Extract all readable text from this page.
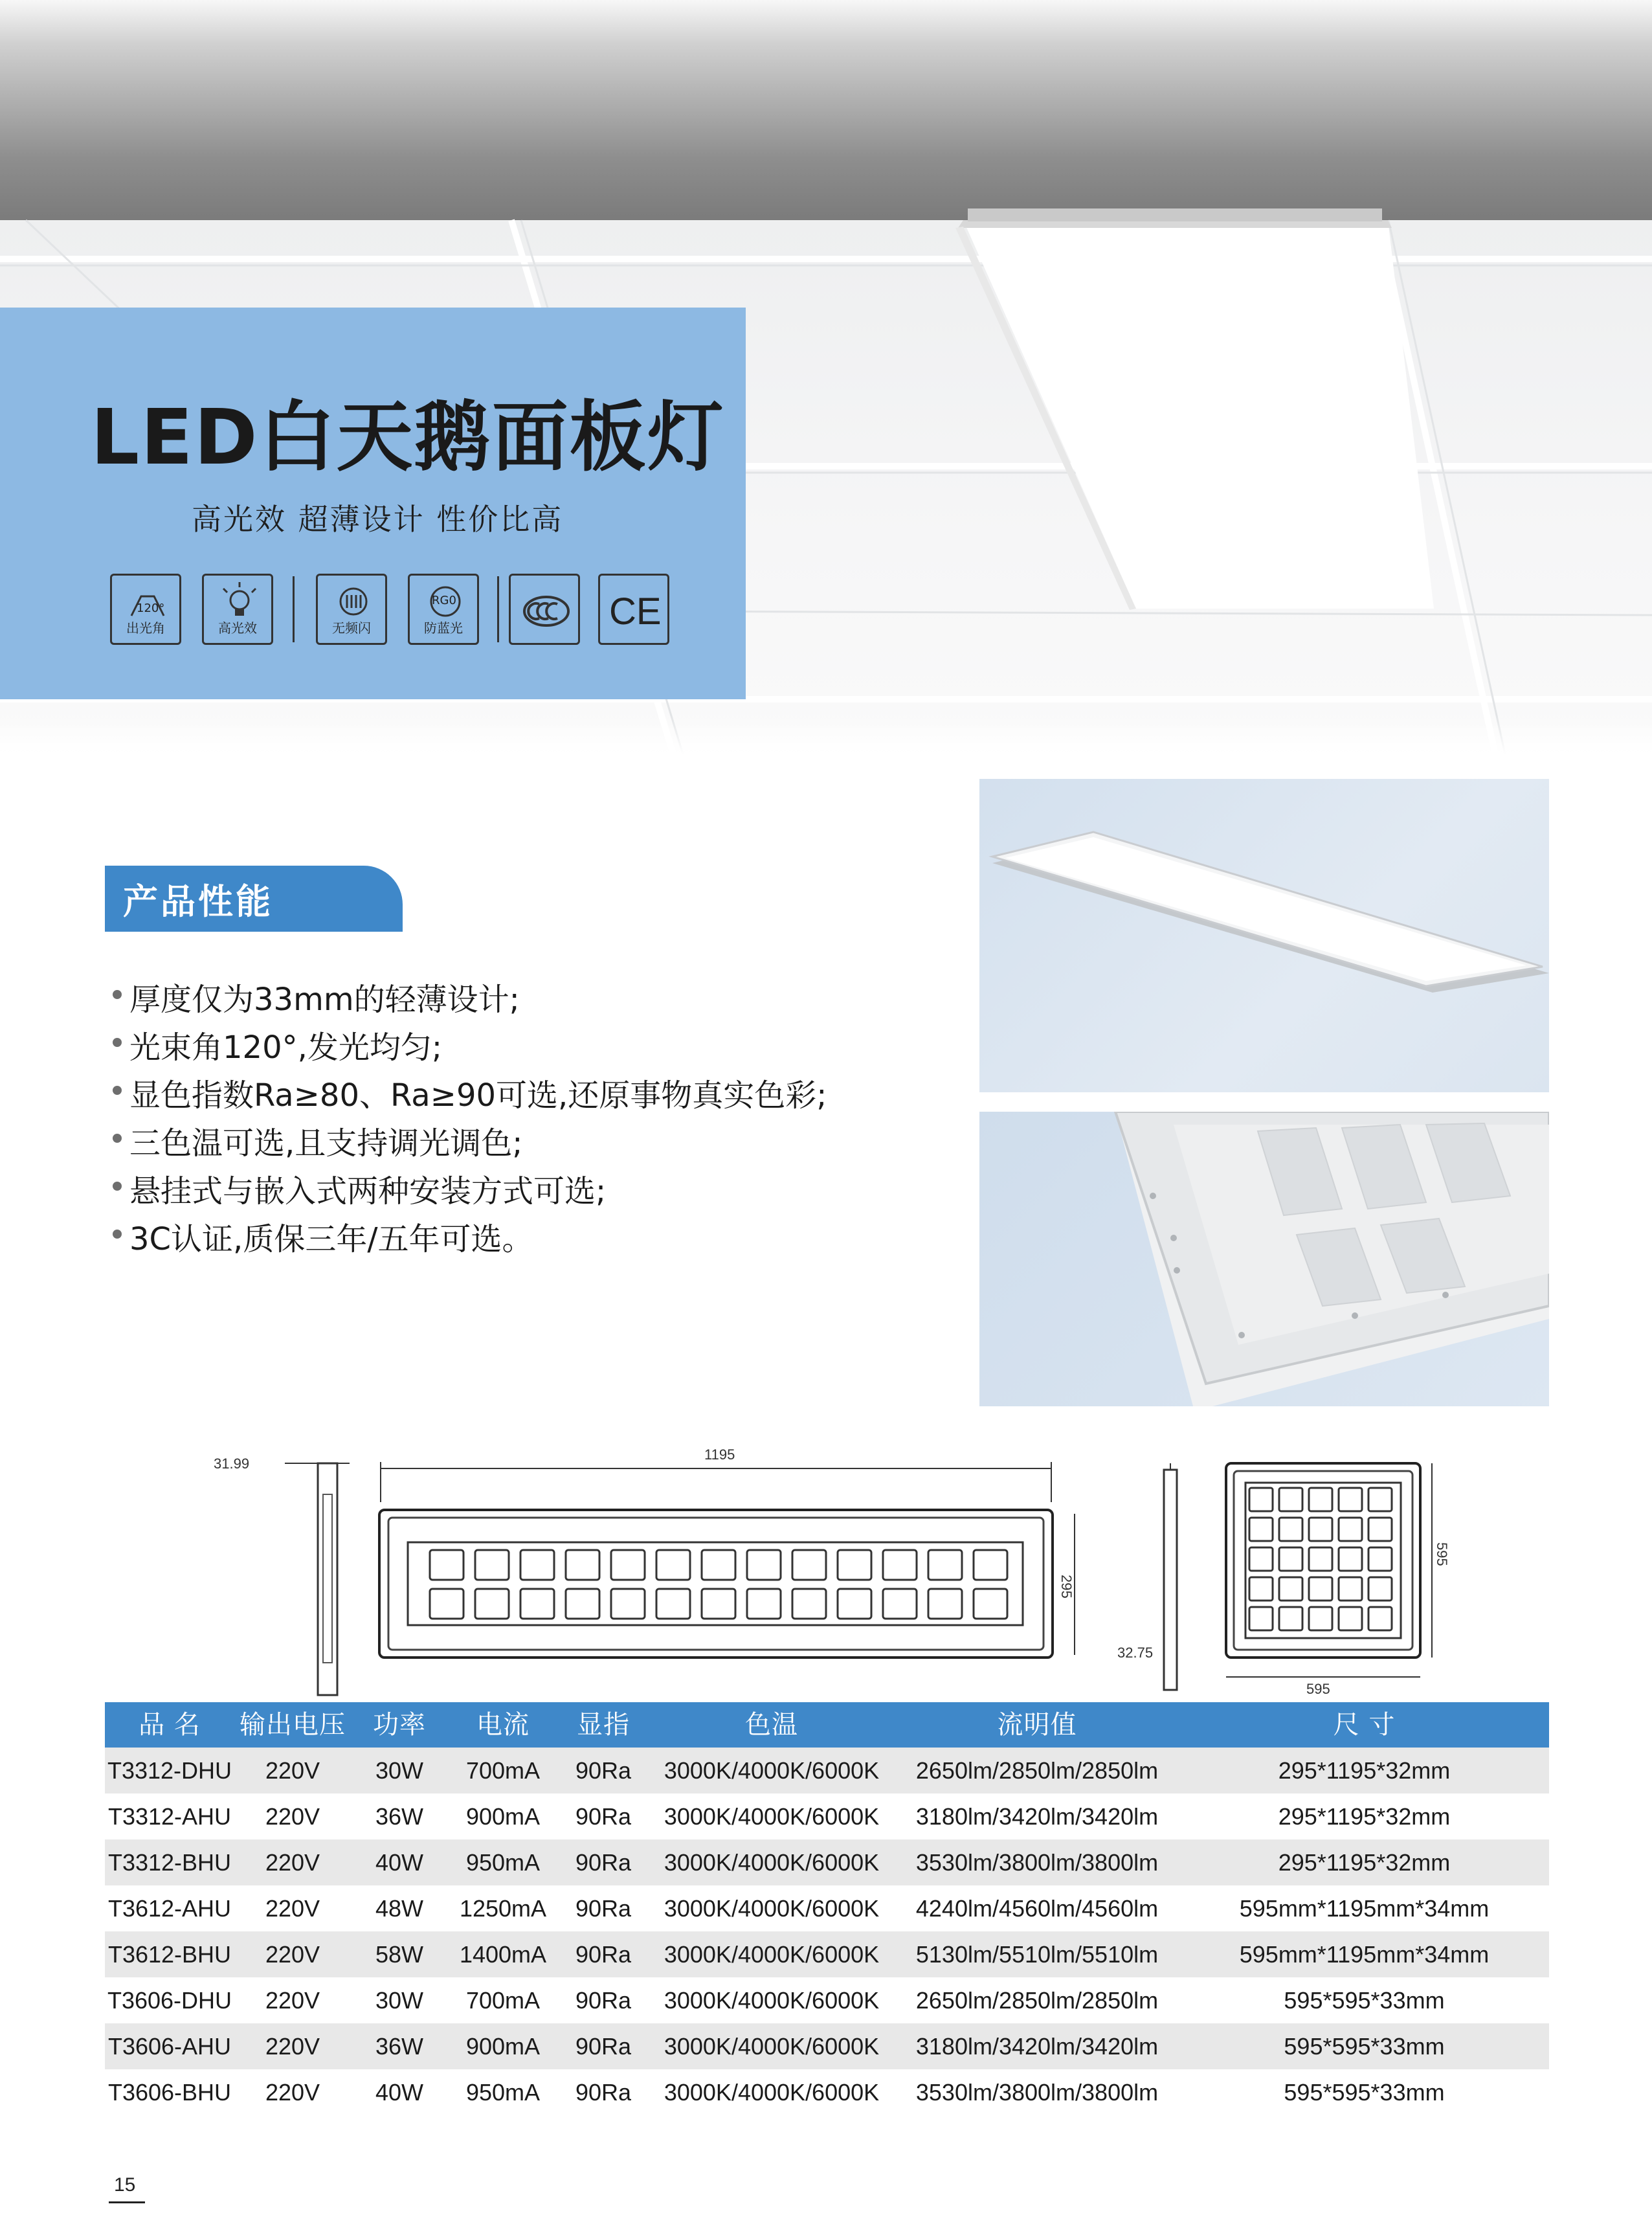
LED白天鹅面板灯
高光效 超薄设计 性价比高
120°
出光角	高光效	无频闪
RG0
防蓝光	CE
产品性能
厚度仅为33mm的轻薄设计;
光束角120°,发光均匀;
显色指数Ra≥80、Ra≥90可选,还原事物真实色彩;
三色温可选,且支持调光调色;
悬挂式与嵌入式两种安装方式可选;
3C认证,质保三年/五年可选。
31.99
1195
295
32.75
595
595
品 名	输出电压	功率	电流	显指	色温	流明值	尺 寸
T3312-DHU	220V	30W	700mA	90Ra	3000K/4000K/6000K	2650lm/2850lm/2850lm	295*1195*32mm
T3312-AHU	220V	36W	900mA	90Ra	3000K/4000K/6000K	3180lm/3420lm/3420lm	295*1195*32mm
T3312-BHU	220V	40W	950mA	90Ra	3000K/4000K/6000K	3530lm/3800lm/3800lm	295*1195*32mm
T3612-AHU	220V	48W	1250mA	90Ra	3000K/4000K/6000K	4240lm/4560lm/4560lm	595mm*1195mm*34mm
T3612-BHU	220V	58W	1400mA	90Ra	3000K/4000K/6000K	5130lm/5510lm/5510lm	595mm*1195mm*34mm
T3606-DHU	220V	30W	700mA	90Ra	3000K/4000K/6000K	2650lm/2850lm/2850lm	595*595*33mm
T3606-AHU	220V	36W	900mA	90Ra	3000K/4000K/6000K	3180lm/3420lm/3420lm	595*595*33mm
T3606-BHU	220V	40W	950mA	90Ra	3000K/4000K/6000K	3530lm/3800lm/3800lm	595*595*33mm
15
